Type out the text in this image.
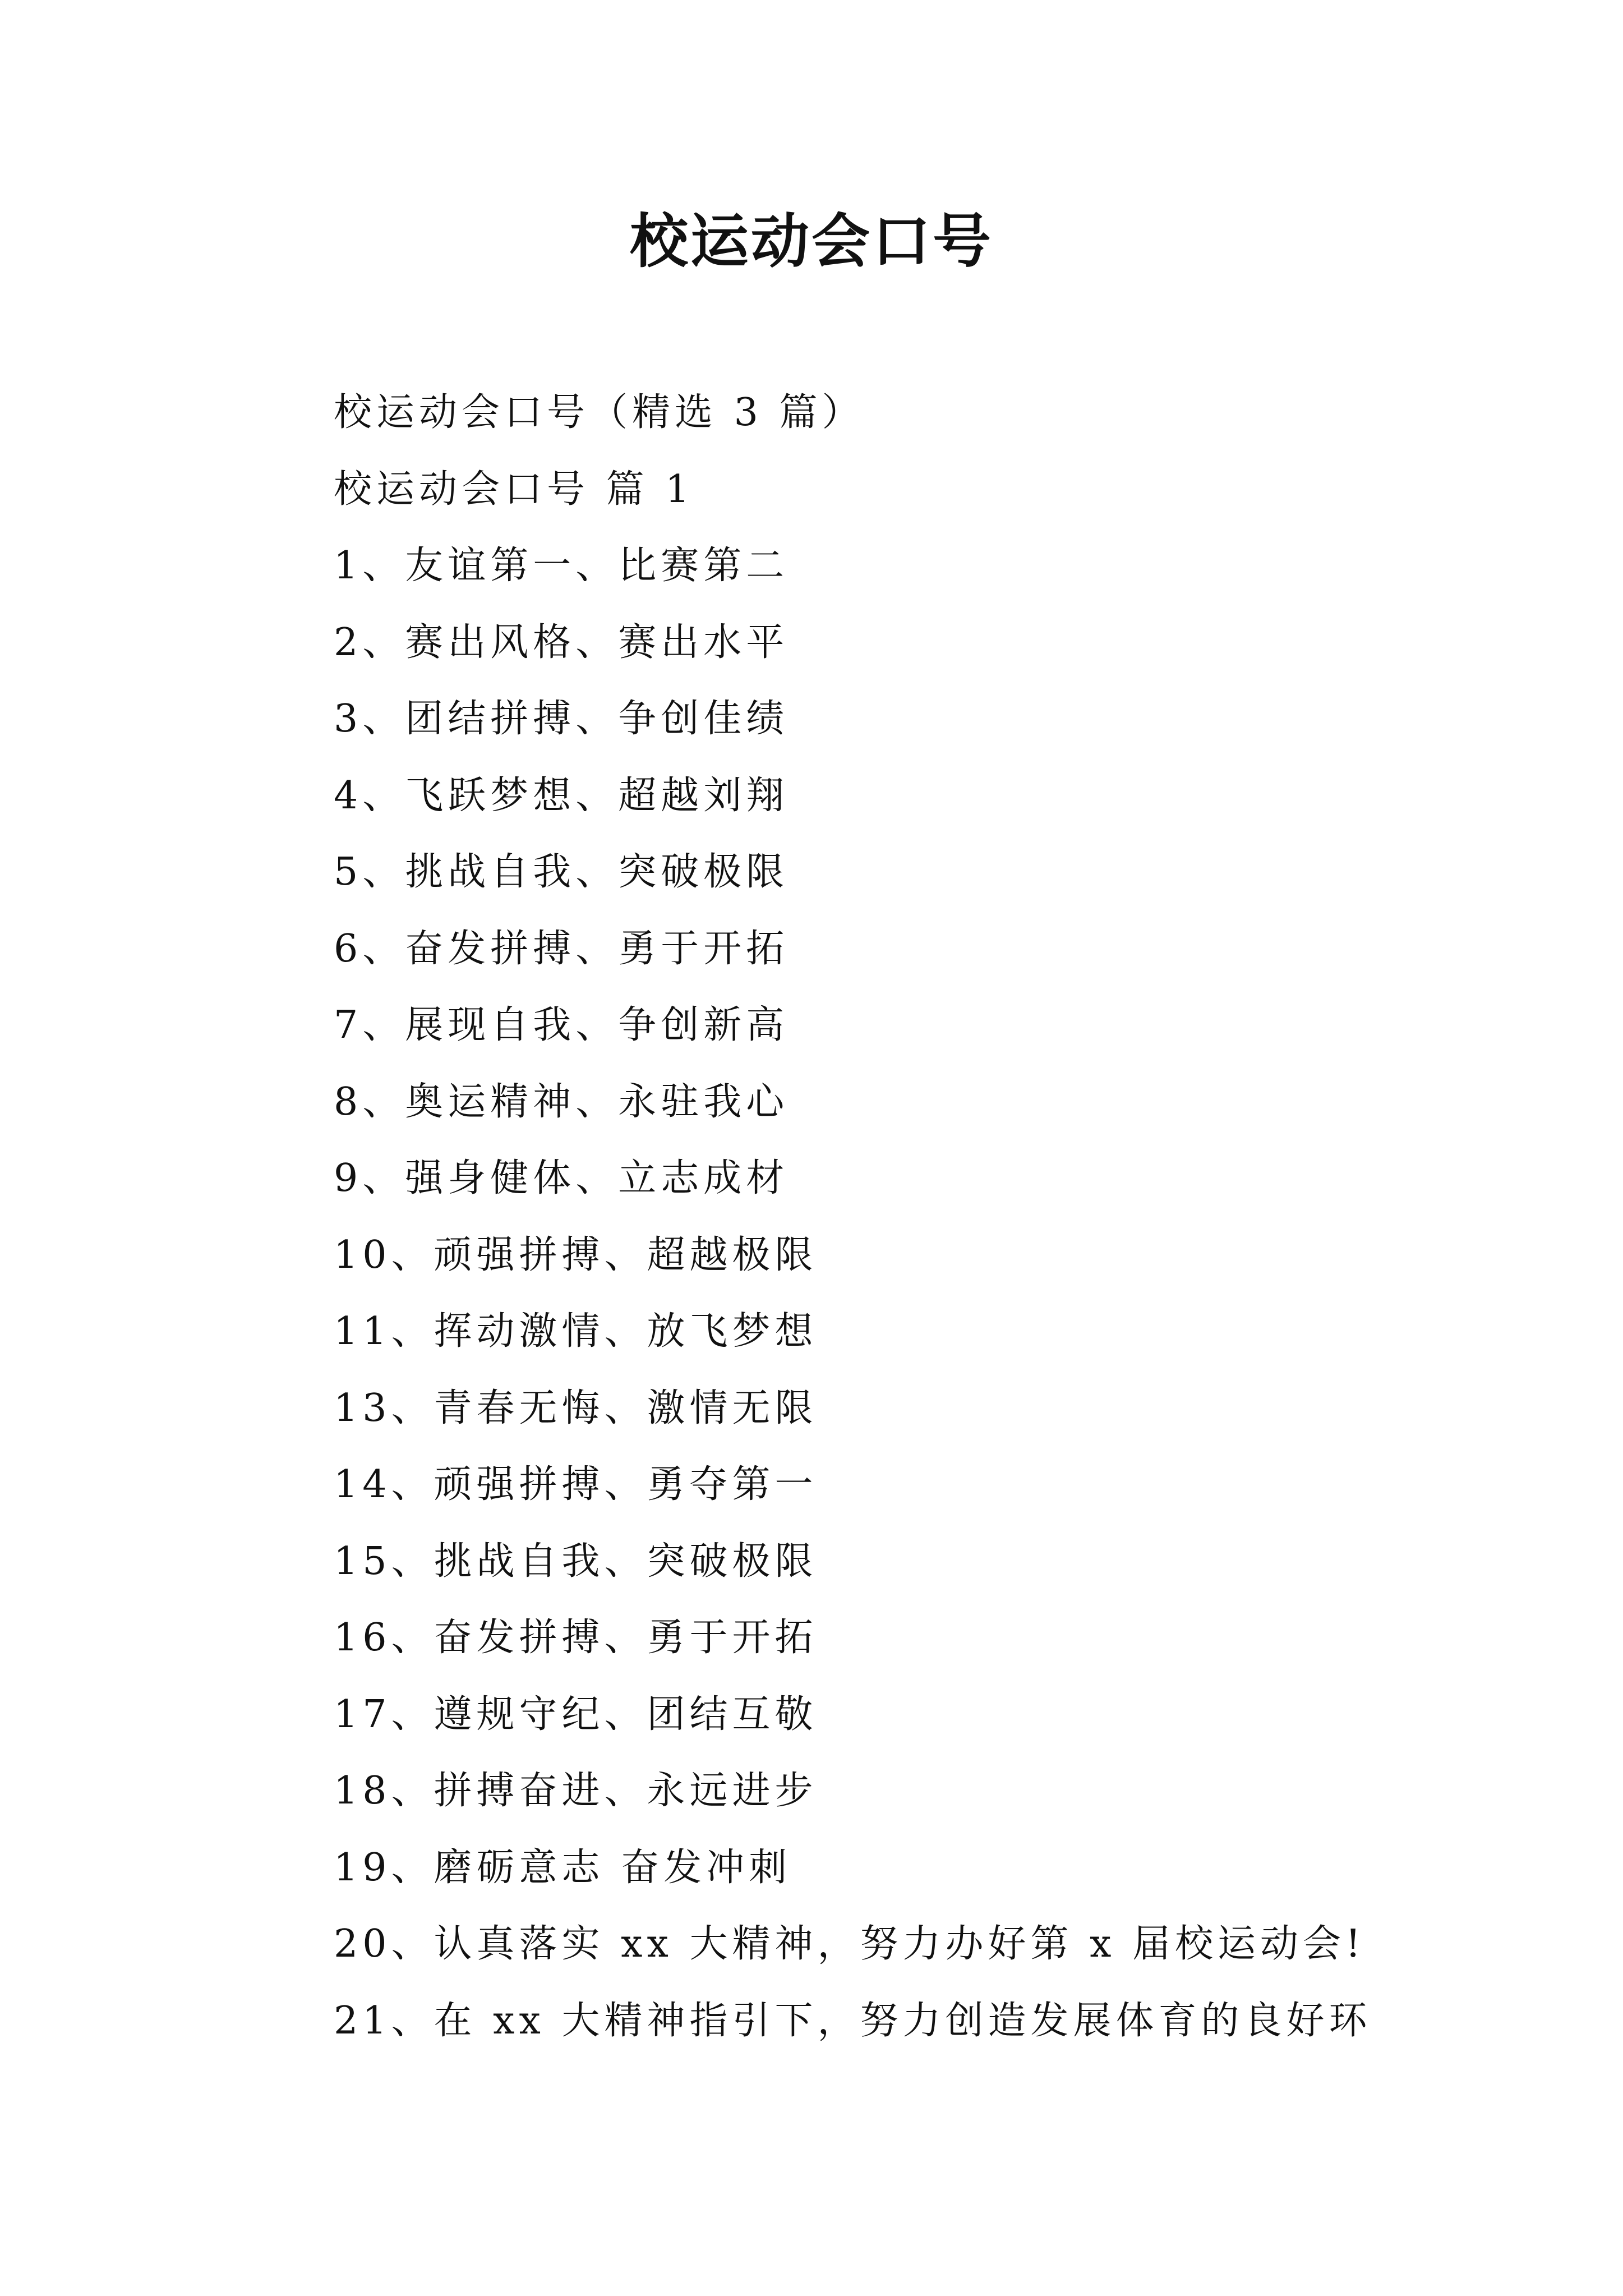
校运动会口号

校运动会口号（精选 3 篇）

校运动会口号 篇 1

1、友谊第一、比赛第二

2、赛出风格、赛出水平

3、团结拼搏、争创佳绩

4、飞跃梦想、超越刘翔

5、挑战自我、突破极限

6、奋发拼搏、勇于开拓

7、展现自我、争创新高

8、奥运精神、永驻我心

9、强身健体、立志成材

10、顽强拼搏、超越极限

11、挥动激情、放飞梦想

13、青春无悔、激情无限

14、顽强拼搏、勇夺第一

15、挑战自我、突破极限

16、奋发拼搏、勇于开拓

17、遵规守纪、团结互敬

18、拼搏奋进、永远进步

19、磨砺意志 奋发冲刺

20、认真落实 xx 大精神，努力办好第 x 届校运动会!

21、在 xx 大精神指引下，努力创造发展体育的良好环
